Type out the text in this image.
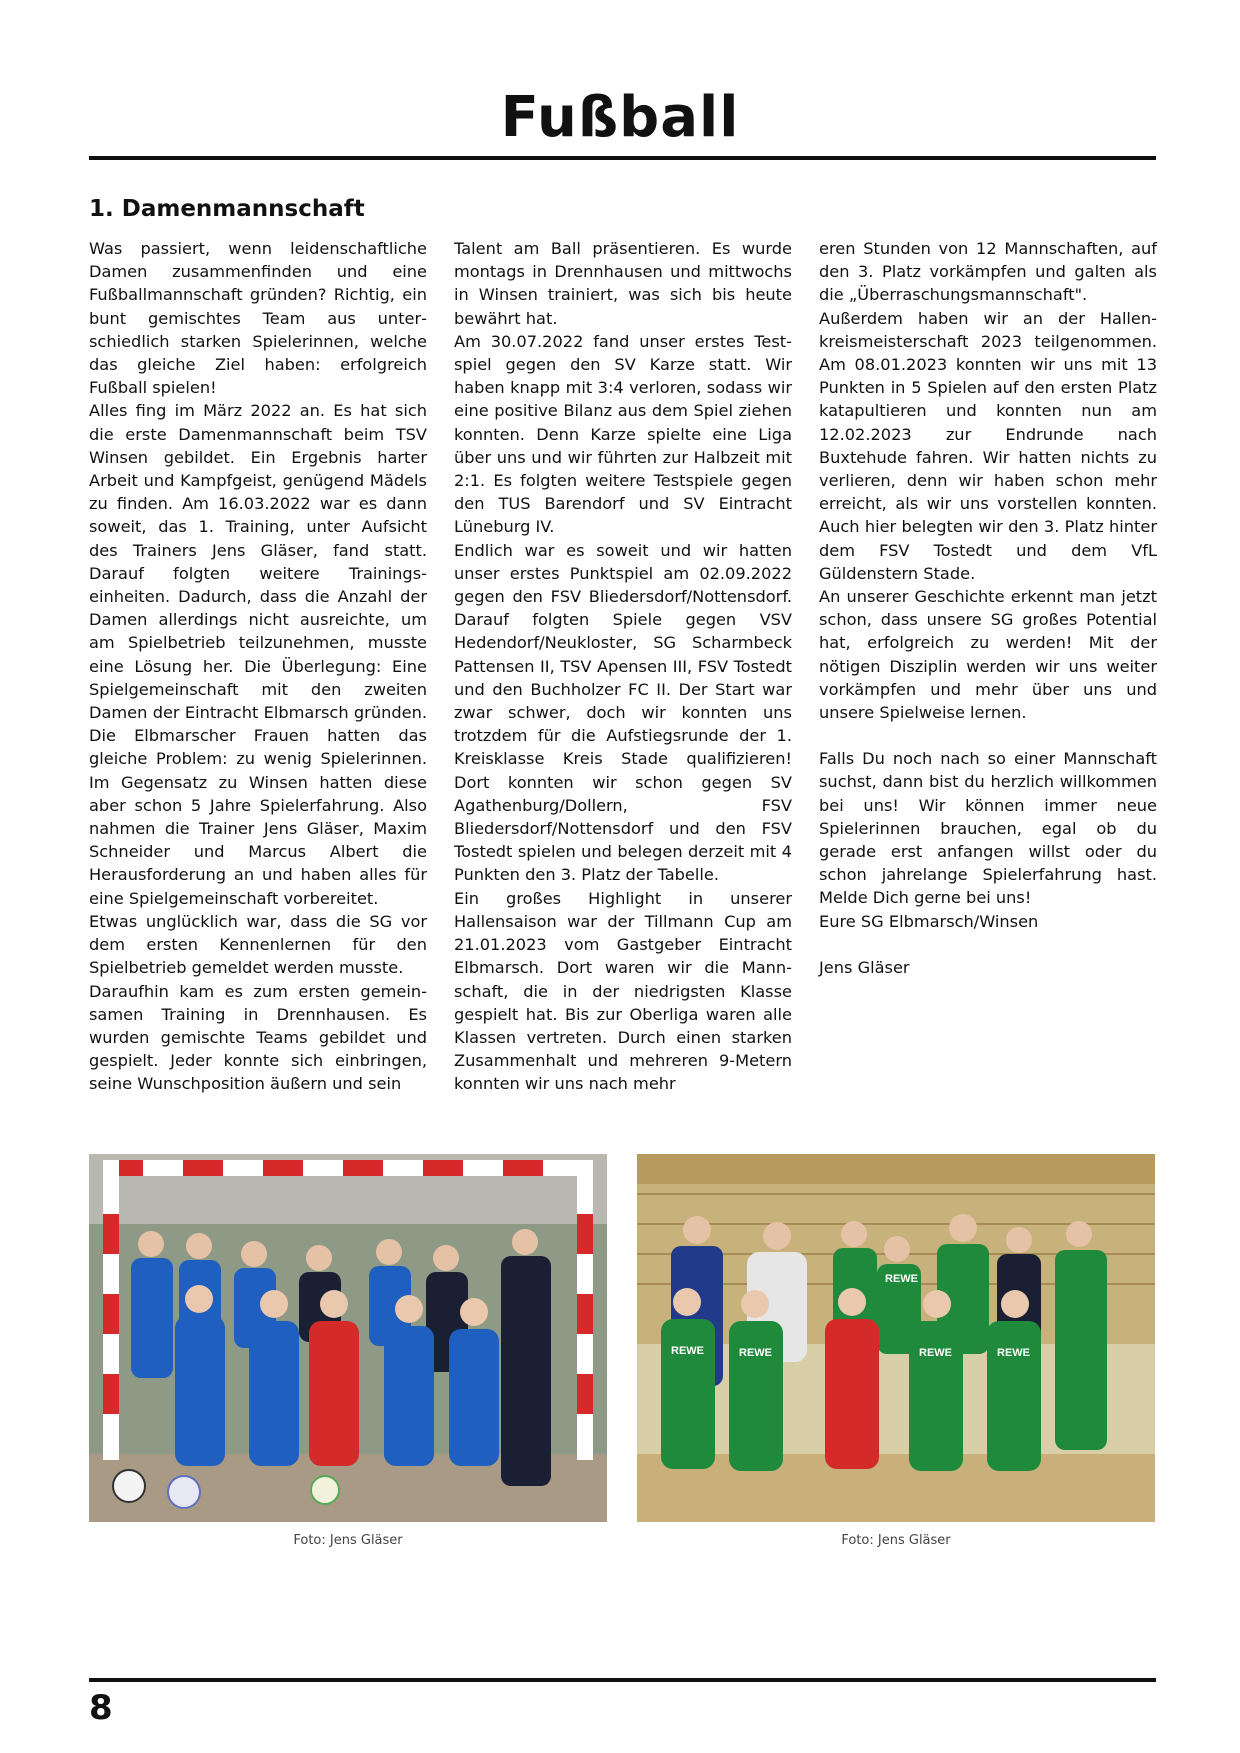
Fußball
1. Damenmannschaft

Was passiert, wenn leidenschaftliche Damen zusammenfinden und eine Fußballmannschaft gründen? Richtig, ein bunt gemischtes Team aus unterschiedlich starken Spielerinnen, welche das gleiche Ziel haben: erfolgreich Fußball spielen!

Alles fing im März 2022 an. Es hat sich die erste Damenmannschaft beim TSV Winsen gebildet. Ein Ergebnis harter Arbeit und Kampfgeist, genügend Mädels zu finden. Am 16.03.2022 war es dann soweit, das 1. Training, unter Aufsicht des Trainers Jens Gläser, fand statt. Darauf folgten weitere Trainingseinheiten. Dadurch, dass die Anzahl der Damen allerdings nicht ausreichte, um am Spielbetrieb teilzunehmen, musste eine Lösung her. Die Überlegung: Eine Spielgemeinschaft mit den zweiten Damen der Eintracht Elbmarsch gründen. Die Elbmarscher Frauen hatten das gleiche Problem: zu wenig Spielerinnen. Im Gegensatz zu Winsen hatten diese aber schon 5 Jahre Spielerfahrung. Also nahmen die Trainer Jens Gläser, Maxim Schneider und Marcus Albert die Herausforderung an und haben alles für eine Spielgemeinschaft vorbereitet.

Etwas unglücklich war, dass die SG vor dem ersten Kennenlernen für den Spielbetrieb gemeldet werden musste.

Daraufhin kam es zum ersten gemeinsamen Training in Drennhausen. Es wurden gemischte Teams gebildet und gespielt. Jeder konnte sich einbringen, seine Wunschposition äußern und sein

Talent am Ball präsentieren. Es wurde montags in Drennhausen und mittwochs in Winsen trainiert, was sich bis heute bewährt hat.

Am 30.07.2022 fand unser erstes Testspiel gegen den SV Karze statt. Wir haben knapp mit 3:4 verloren, sodass wir eine positive Bilanz aus dem Spiel ziehen konnten. Denn Karze spielte eine Liga über uns und wir führten zur Halbzeit mit 2:1. Es folgten weitere Testspiele gegen den TUS Barendorf und SV Eintracht Lüneburg IV.

Endlich war es soweit und wir hatten unser erstes Punktspiel am 02.09.2022 gegen den FSV Bliedersdorf/Nottensdorf. Darauf folgten Spiele gegen VSV Hedendorf/Neukloster, SG Scharmbeck Pattensen II, TSV Apensen III, FSV Tostedt und den Buchholzer FC II. Der Start war zwar schwer, doch wir konnten uns trotzdem für die Aufstiegsrunde der 1. Kreisklasse Kreis Stade qualifizieren! Dort konnten wir schon gegen SV Agathenburg/Dollern, FSV Bliedersdorf/Nottensdorf und den FSV Tostedt spielen und belegen derzeit mit 4 Punkten den 3. Platz der Tabelle.

Ein großes Highlight in unserer Hallensaison war der Tillmann Cup am 21.01.2023 vom Gastgeber Eintracht Elbmarsch. Dort waren wir die Mannschaft, die in der niedrigsten Klasse gespielt hat. Bis zur Oberliga waren alle Klassen vertreten. Durch einen starken Zusammenhalt und mehreren 9-Metern konnten wir uns nach mehr

eren Stunden von 12 Mannschaften, auf den 3. Platz vorkämpfen und galten als die „Überraschungsmannschaft".

Außerdem haben wir an der Hallenkreismeisterschaft 2023 teilgenommen. Am 08.01.2023 konnten wir uns mit 13 Punkten in 5 Spielen auf den ersten Platz katapultieren und konnten nun am 12.02.2023 zur Endrunde nach Buxtehude fahren. Wir hatten nichts zu verlieren, denn wir haben schon mehr erreicht, als wir uns vorstellen konnten. Auch hier belegten wir den 3. Platz hinter dem FSV Tostedt und dem VfL Güldenstern Stade.

An unserer Geschichte erkennt man jetzt schon, dass unsere SG großes Potential hat, erfolgreich zu werden! Mit der nötigen Disziplin werden wir uns weiter vorkämpfen und mehr über uns und unsere Spielweise lernen.

Falls Du noch nach so einer Mannschaft suchst, dann bist du herzlich willkommen bei uns! Wir können immer neue Spielerinnen brauchen, egal ob du gerade erst anfangen willst oder du schon jahrelange Spielerfahrung hast. Melde Dich gerne bei uns!

Eure SG Elbmarsch/Winsen

Jens Gläser

REWE	REWE	REWE	REWE
REWE
Foto: Jens Gläser	Foto: Jens Gläser
8
